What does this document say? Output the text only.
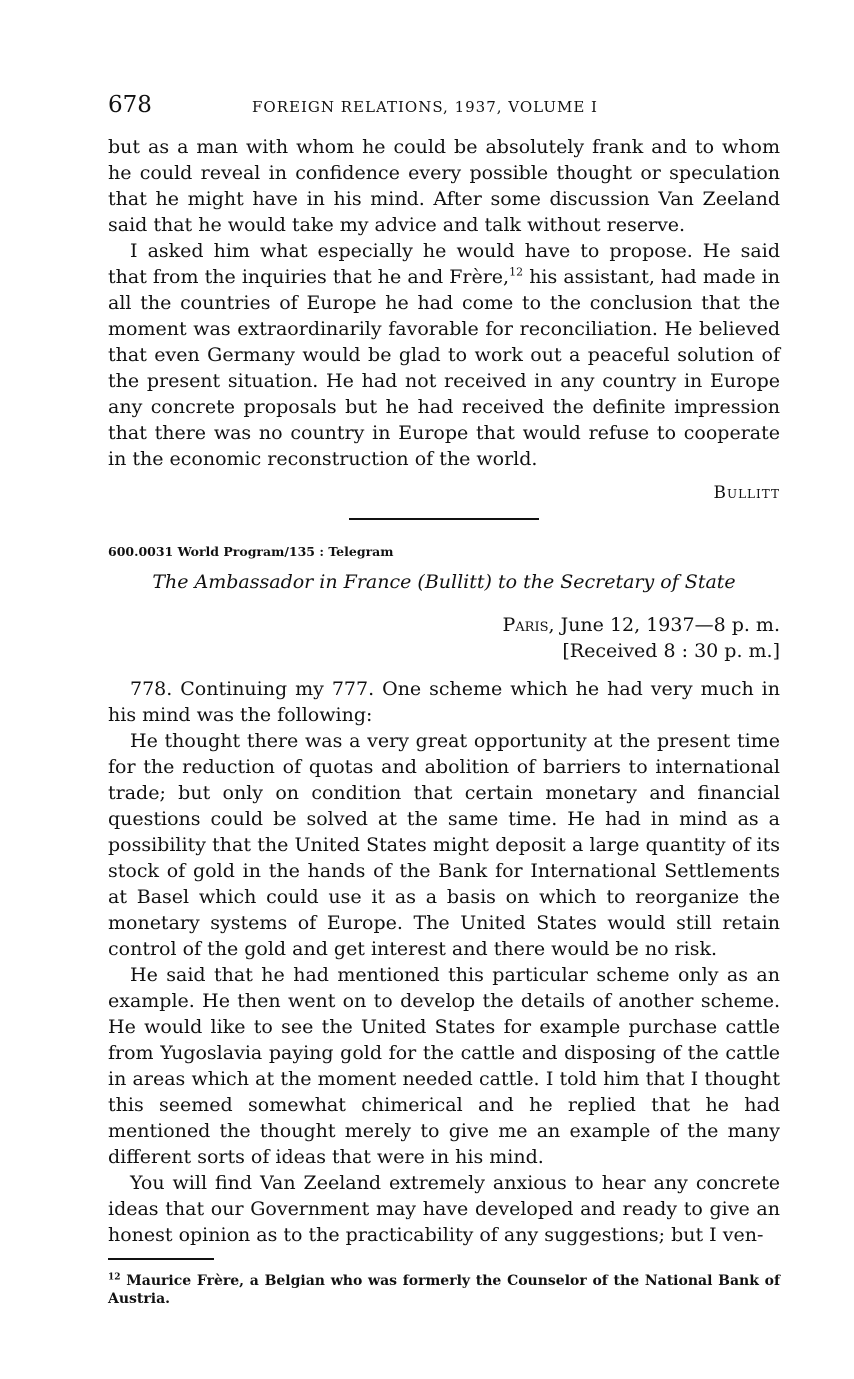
678	FOREIGN RELATIONS, 1937, VOLUME I

but as a man with whom he could be absolutely frank and to whom he could reveal in confidence every possible thought or speculation that he might have in his mind. After some discussion Van Zeeland said that he would take my advice and talk without reserve.

I asked him what especially he would have to propose. He said that from the inquiries that he and Frère,$^{12}$ his assistant, had made in all the countries of Europe he had come to the conclusion that the moment was extraordinarily favorable for reconciliation. He believed that even Germany would be glad to work out a peaceful solution of the present situation. He had not received in any country in Europe any concrete proposals but he had received the definite impression that there was no country in Europe that would refuse to cooperate in the economic reconstruction of the world.

Bullitt
600.0031 World Program/135 : Telegram
The Ambassador in France (Bullitt) to the Secretary of State
Paris, June 12, 1937—8 p. m.
[Received 8 : 30 p. m.]

778. Continuing my 777. One scheme which he had very much in his mind was the following:

He thought there was a very great opportunity at the present time for the reduction of quotas and abolition of barriers to international trade; but only on condition that certain monetary and financial questions could be solved at the same time. He had in mind as a possibility that the United States might deposit a large quantity of its stock of gold in the hands of the Bank for International Settlements at Basel which could use it as a basis on which to reorganize the monetary systems of Europe. The United States would still retain control of the gold and get interest and there would be no risk.

He said that he had mentioned this particular scheme only as an example. He then went on to develop the details of another scheme. He would like to see the United States for example purchase cattle from Yugoslavia paying gold for the cattle and disposing of the cattle in areas which at the moment needed cattle. I told him that I thought this seemed somewhat chimerical and he replied that he had mentioned the thought merely to give me an example of the many different sorts of ideas that were in his mind.

You will find Van Zeeland extremely anxious to hear any concrete ideas that our Government may have developed and ready to give an honest opinion as to the practicability of any suggestions; but I ven-

$^{12}$ Maurice Frère, a Belgian who was formerly the Counselor of the National Bank of Austria.
